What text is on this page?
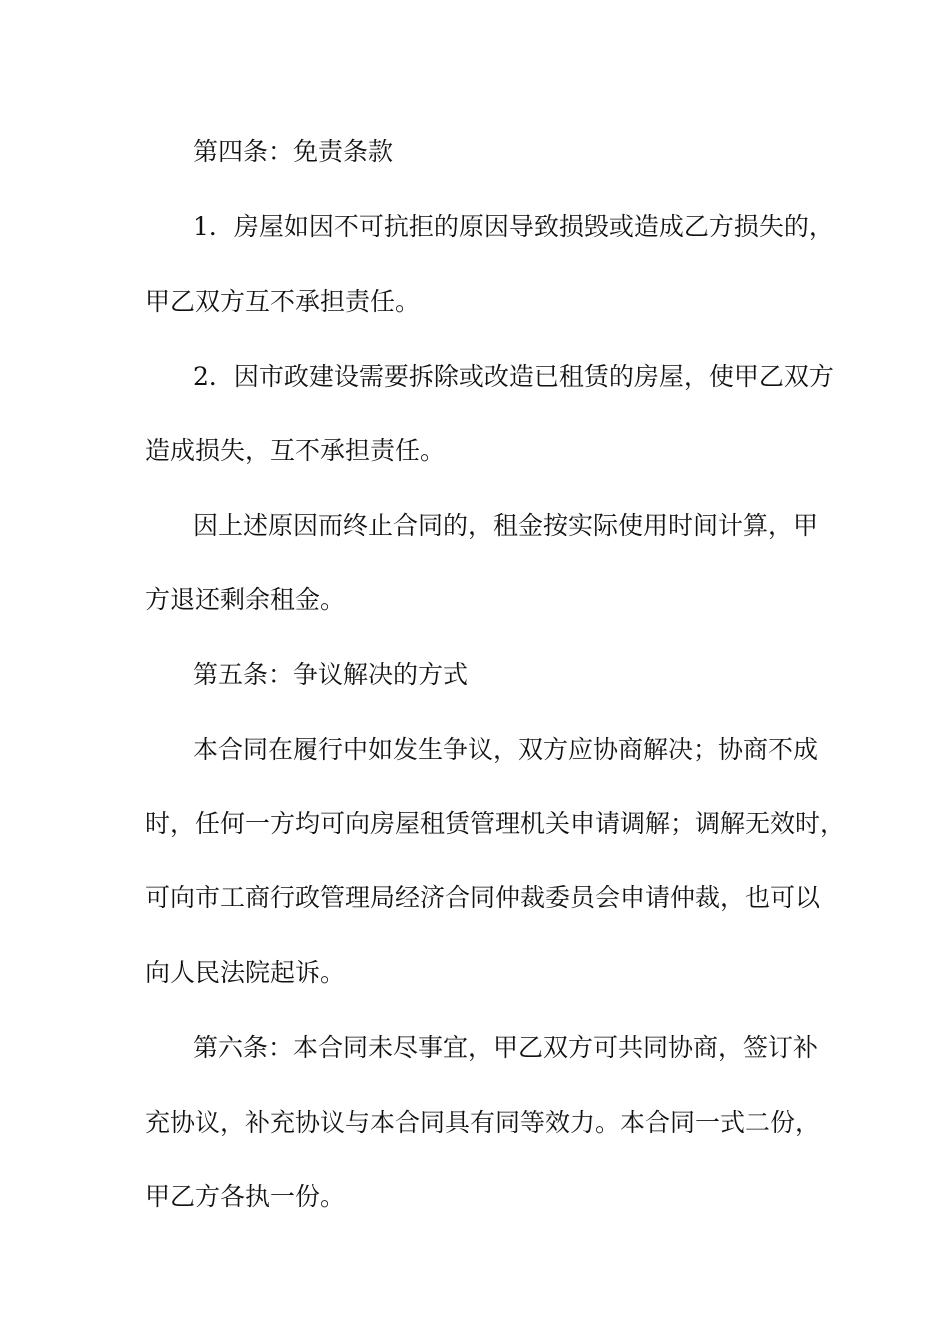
第四条：免责条款

1．房屋如因不可抗拒的原因导致损毁或造成乙方损失的，

甲乙双方互不承担责任。

2．因市政建设需要拆除或改造已租赁的房屋，使甲乙双方

造成损失，互不承担责任。

因上述原因而终止合同的，租金按实际使用时间计算，甲

方退还剩余租金。

第五条：争议解决的方式

本合同在履行中如发生争议，双方应协商解决；协商不成

时，任何一方均可向房屋租赁管理机关申请调解；调解无效时，

可向市工商行政管理局经济合同仲裁委员会申请仲裁，也可以

向人民法院起诉。

第六条：本合同未尽事宜，甲乙双方可共同协商，签订补

充协议，补充协议与本合同具有同等效力。本合同一式二份，

甲乙方各执一份。
